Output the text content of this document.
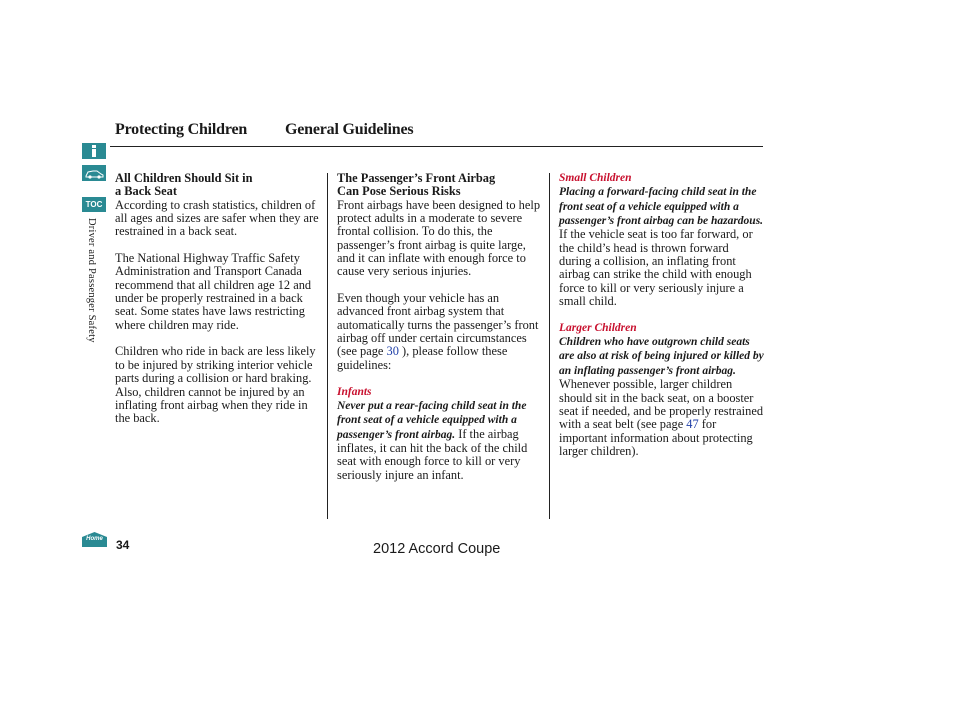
Protecting Children General Guidelines
TOC
Driver and Passenger Safety
All Children Should Sit in
a Back Seat

According to crash statistics, children of all ages and sizes are safer when they are restrained in a back seat.

The National Highway Traffic Safety Administration and Transport Canada recommend that all children age 12 and under be properly restrained in a back seat. Some states have laws restricting where children may ride.

Children who ride in back are less likely to be injured by striking interior vehicle parts during a collision or hard braking. Also, children cannot be injured by an inflating front airbag when they ride in the back.

The Passenger’s Front Airbag
Can Pose Serious Risks

Front airbags have been designed to help protect adults in a moderate to severe frontal collision. To do this, the passenger’s front airbag is quite large, and it can inflate with enough force to cause very serious injuries.

Even though your vehicle has an advanced front airbag system that automatically turns the passenger’s front airbag off under certain circumstances (see page 30 ), please follow these guidelines:

Infants

Never put a rear-facing child seat in the front seat of a vehicle equipped with a passenger’s front airbag. If the airbag inflates, it can hit the back of the child seat with enough force to kill or very seriously injure an infant.

Small Children

Placing a forward-facing child seat in the front seat of a vehicle equipped with a passenger’s front airbag can be hazardous. If the vehicle seat is too far forward, or the child’s head is thrown forward during a collision, an inflating front airbag can strike the child with enough force to kill or very seriously injure a small child.

Larger Children

Children who have outgrown child seats are also at risk of being injured or killed by an inflating passenger’s front airbag. Whenever possible, larger children should sit in the back seat, on a booster seat if needed, and be properly restrained with a seat belt (see page 47 for important information about protecting larger children).

Home	34	2012 Accord Coupe
